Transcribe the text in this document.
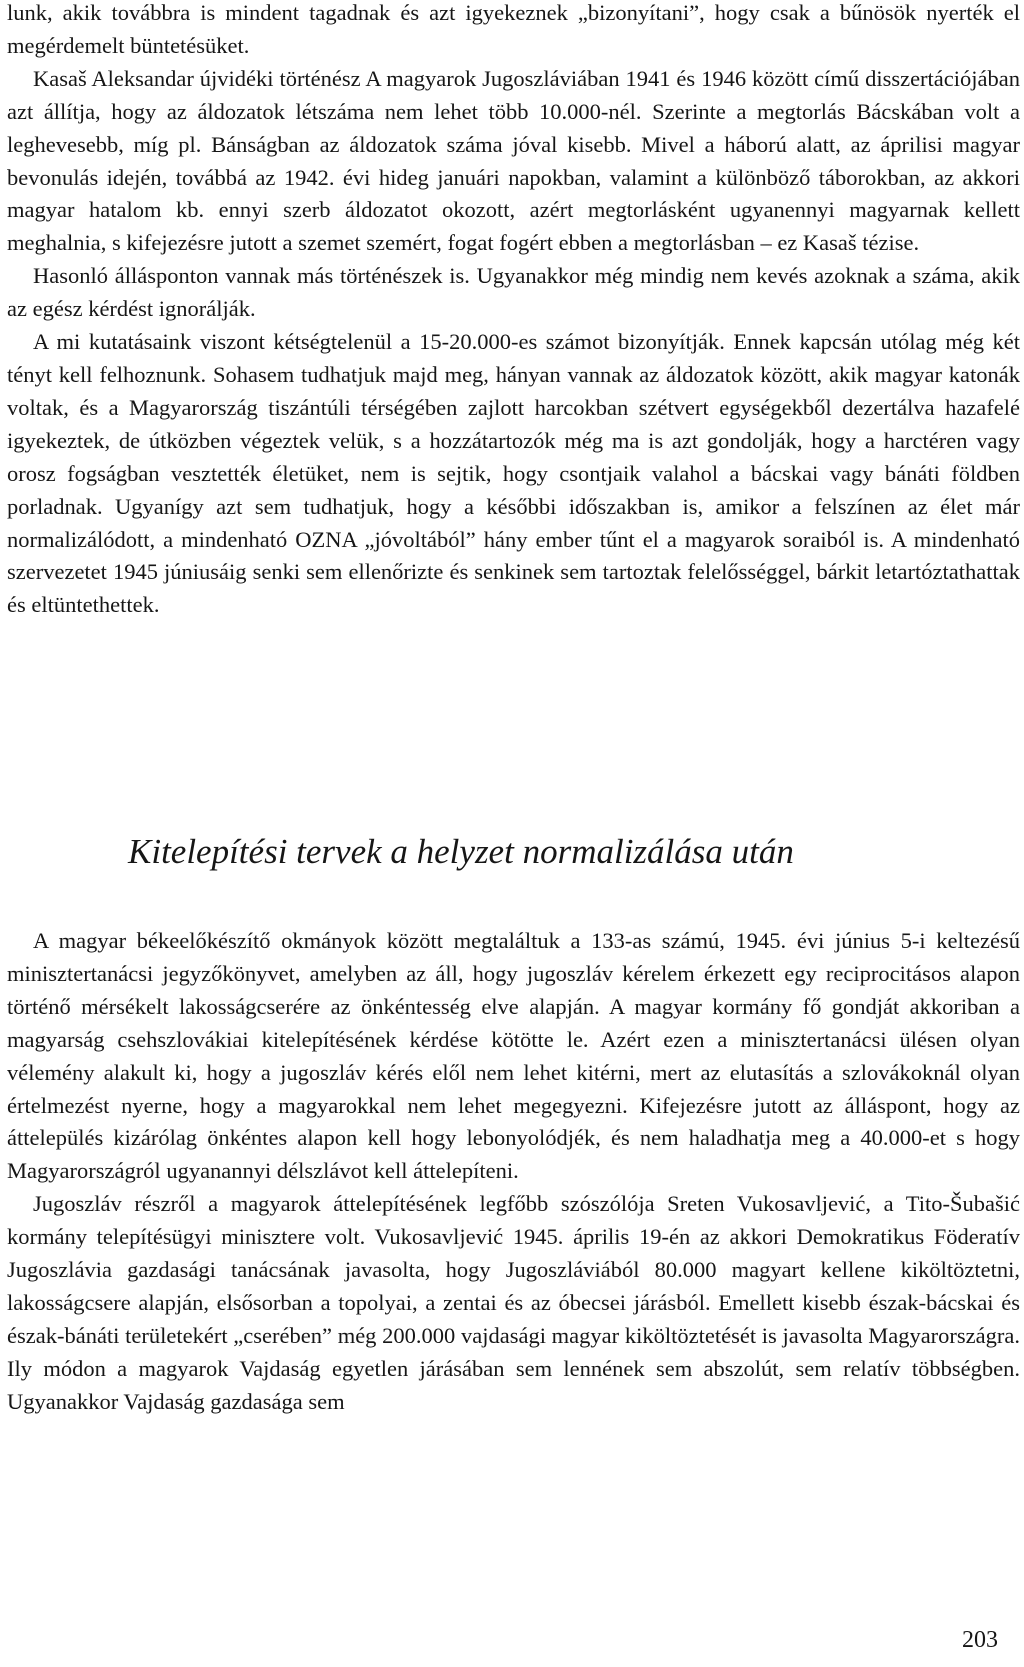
lunk, akik továbbra is mindent tagadnak és azt igyekeznek „bizonyítani”, hogy csak a bűnösök nyerték el megérdemelt büntetésüket.

Kasaš Aleksandar újvidéki történész A magyarok Jugoszláviában 1941 és 1946 között című disszertációjában azt állítja, hogy az áldozatok létszáma nem lehet több 10.000-nél. Szerinte a megtorlás Bácskában volt a leghevesebb, míg pl. Bánságban az áldozatok száma jóval kisebb. Mivel a háború alatt, az áprilisi magyar bevonulás idején, továbbá az 1942. évi hideg januári napokban, valamint a különböző táborokban, az akkori magyar hatalom kb. ennyi szerb áldozatot okozott, azért megtorlásként ugyanennyi magyarnak kellett meghalnia, s kifejezésre jutott a szemet szemért, fogat fogért ebben a megtorlásban – ez Kasaš tézise.

Hasonló állásponton vannak más történészek is. Ugyanakkor még mindig nem kevés azoknak a száma, akik az egész kérdést ignorálják.

A mi kutatásaink viszont kétségtelenül a 15-20.000-es számot bizonyítják. Ennek kapcsán utólag még két tényt kell felhoznunk. Sohasem tudhatjuk majd meg, hányan vannak az áldozatok között, akik magyar katonák voltak, és a Magyarország tiszántúli térségében zajlott harcokban szétvert egységekből dezertálva hazafelé igyekeztek, de útközben végeztek velük, s a hozzátartozók még ma is azt gondolják, hogy a harctéren vagy orosz fogságban vesztették életüket, nem is sejtik, hogy csontjaik valahol a bácskai vagy bánáti földben porladnak. Ugyanígy azt sem tudhatjuk, hogy a későbbi időszakban is, amikor a felszínen az élet már normalizálódott, a mindenható OZNA „jóvoltából” hány ember tűnt el a magyarok soraiból is. A mindenható szervezetet 1945 júniusáig senki sem ellenőrizte és senkinek sem tartoztak felelősséggel, bárkit letartóztathattak és eltüntethettek.

Kitelepítési tervek a helyzet normalizálása után

A magyar békeelőkészítő okmányok között megtaláltuk a 133-as számú, 1945. évi június 5-i keltezésű minisztertanácsi jegyzőkönyvet, amelyben az áll, hogy jugoszláv kérelem érkezett egy reciprocitásos alapon történő mérsékelt lakosságcserére az önkéntesség elve alapján. A magyar kormány fő gondját akkoriban a magyarság csehszlovákiai kitelepítésének kérdése kötötte le. Azért ezen a minisztertanácsi ülésen olyan vélemény alakult ki, hogy a jugoszláv kérés elől nem lehet kitérni, mert az elutasítás a szlovákoknál olyan értelmezést nyerne, hogy a magyarokkal nem lehet megegyezni. Kifejezésre jutott az álláspont, hogy az áttelepülés kizárólag önkéntes alapon kell hogy lebonyolódjék, és nem haladhatja meg a 40.000-et s hogy Magyarországról ugyanannyi délszlávot kell áttelepíteni.

Jugoszláv részről a magyarok áttelepítésének legfőbb szószólója Sreten Vukosavljević, a Tito-Šubašić kormány telepítésügyi minisztere volt. Vukosavljević 1945. április 19-én az akkori Demokratikus Föderatív Jugoszlávia gazdasági tanácsának javasolta, hogy Jugoszláviából 80.000 magyart kellene kiköltöztetni, lakosságcsere alapján, elsősorban a topolyai, a zentai és az óbecsei járásból. Emellett kisebb észak-bácskai és észak-bánáti területekért „cserében” még 200.000 vajdasági magyar kiköltöztetését is javasolta Magyarországra. Ily módon a magyarok Vajdaság egyetlen járásában sem lennének sem abszolút, sem relatív többségben. Ugyanakkor Vajdaság gazdasága sem

203
